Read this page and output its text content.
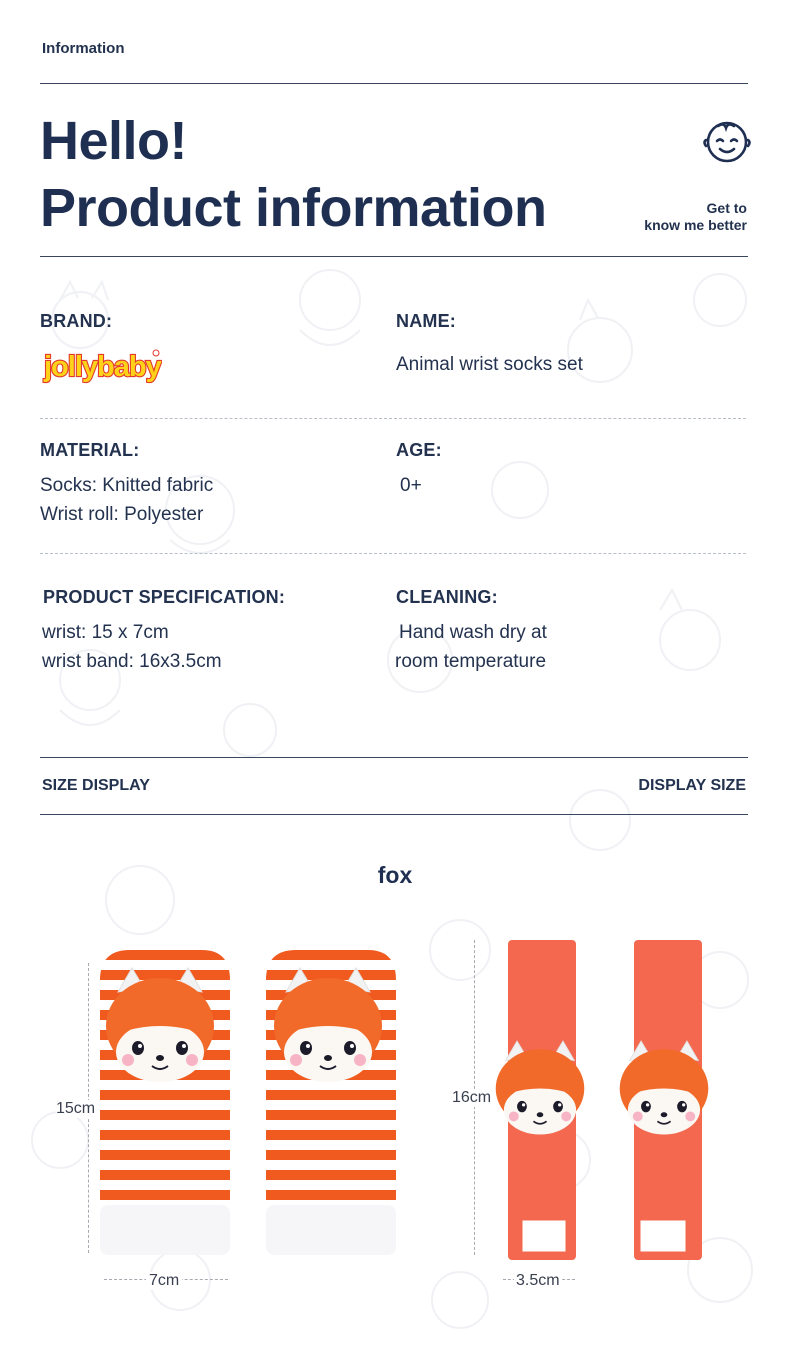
Information
Hello!
Product information	Get to
know me better
BRAND:
jollybaby
NAME:
Animal wrist socks set
MATERIAL:
Socks: Knitted fabric
Wrist roll: Polyester
AGE:
0+
PRODUCT SPECIFICATION:
wrist: 15 x 7cm
wrist band: 16x3.5cm
CLEANING:
Hand wash dry at
room temperature
SIZE DISPLAY	DISPLAY SIZE
fox
15cm
7cm
16cm
3.5cm
